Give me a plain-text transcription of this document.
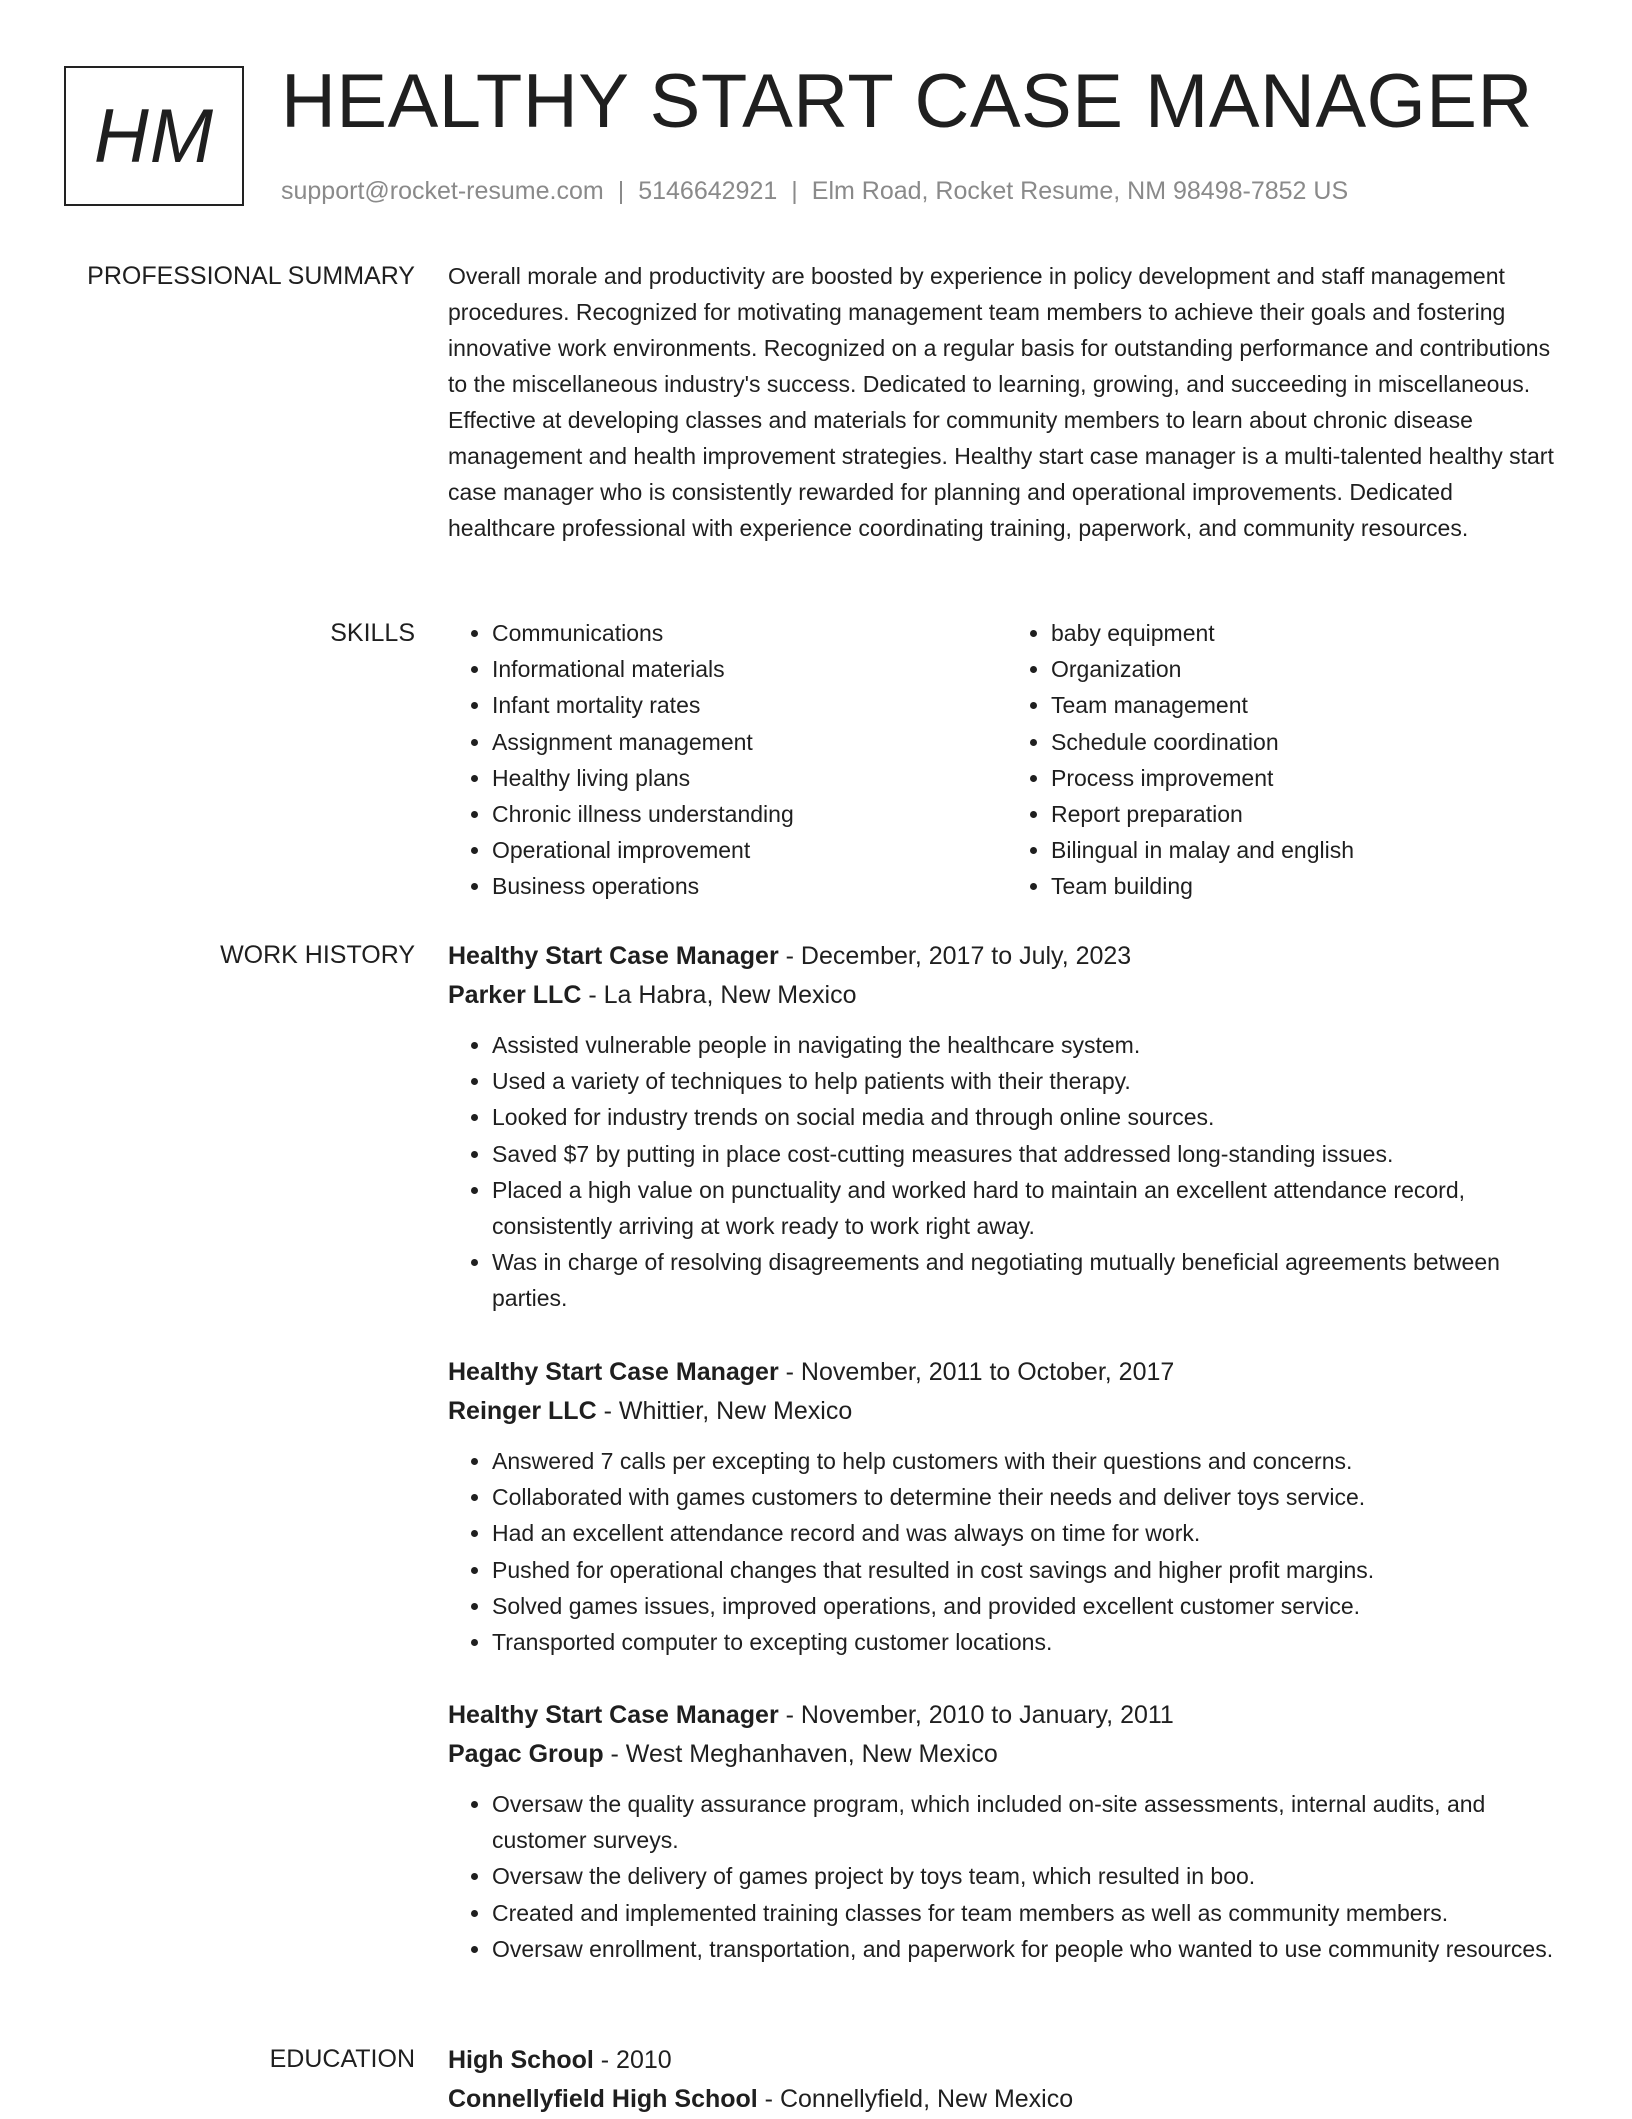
HM HEALTHY START CASE MANAGER
support@rocket-resume.com | 5146642921 | Elm Road, Rocket Resume, NM 98498-7852 US
PROFESSIONAL SUMMARY Overall morale and productivity are boosted by experience in policy development and staff management procedures. Recognized for motivating management team members to achieve their goals and fostering innovative work environments. Recognized on a regular basis for outstanding performance and contributions to the miscellaneous industry's success. Dedicated to learning, growing, and succeeding in miscellaneous. Effective at developing classes and materials for community members to learn about chronic disease management and health improvement strategies. Healthy start case manager is a multi-talented healthy start case manager who is consistently rewarded for planning and operational improvements. Dedicated healthcare professional with experience coordinating training, paperwork, and community resources.

SKILLS
•	Communications
• Informational materials
• Infant mortality rates
• Assignment management
• Healthy living plans
• Chronic illness understanding
• Operational improvement
• Business operations
• baby equipment
• Organization
• Team management
• Schedule coordination
• Process improvement
• Report preparation
• Bilingual in malay and english
• Team building
WORK HISTORY Healthy Start Case Manager - December, 2017 to July, 2023
Parker LLC - La Habra, New Mexico
• Assisted vulnerable people in navigating the healthcare system.
• Used a variety of techniques to help patients with their therapy.
• Looked for industry trends on social media and through online sources.
• Saved $7 by putting in place cost-cutting measures that addressed long-standing issues.
• Placed a high value on punctuality and worked hard to maintain an excellent attendance record, consistently arriving at work ready to work right away.
• Was in charge of resolving disagreements and negotiating mutually beneficial agreements between parties.
Healthy Start Case Manager - November, 2011 to October, 2017
Reinger LLC - Whittier, New Mexico
• Answered 7 calls per excepting to help customers with their questions and concerns.
• Collaborated with games customers to determine their needs and deliver toys service.
• Had an excellent attendance record and was always on time for work.
• Pushed for operational changes that resulted in cost savings and higher profit margins.
• Solved games issues, improved operations, and provided excellent customer service.
• Transported computer to excepting customer locations.
Healthy Start Case Manager - November, 2010 to January, 2011
Pagac Group - West Meghanhaven, New Mexico
• Oversaw the quality assurance program, which included on-site assessments, internal audits, and customer surveys.
• Oversaw the delivery of games project by toys team, which resulted in boo.
• Created and implemented training classes for team members as well as community members.
• Oversaw enrollment, transportation, and paperwork for people who wanted to use community resources.
EDUCATION High School - 2010
Connellyfield High School - Connellyfield, New Mexico
